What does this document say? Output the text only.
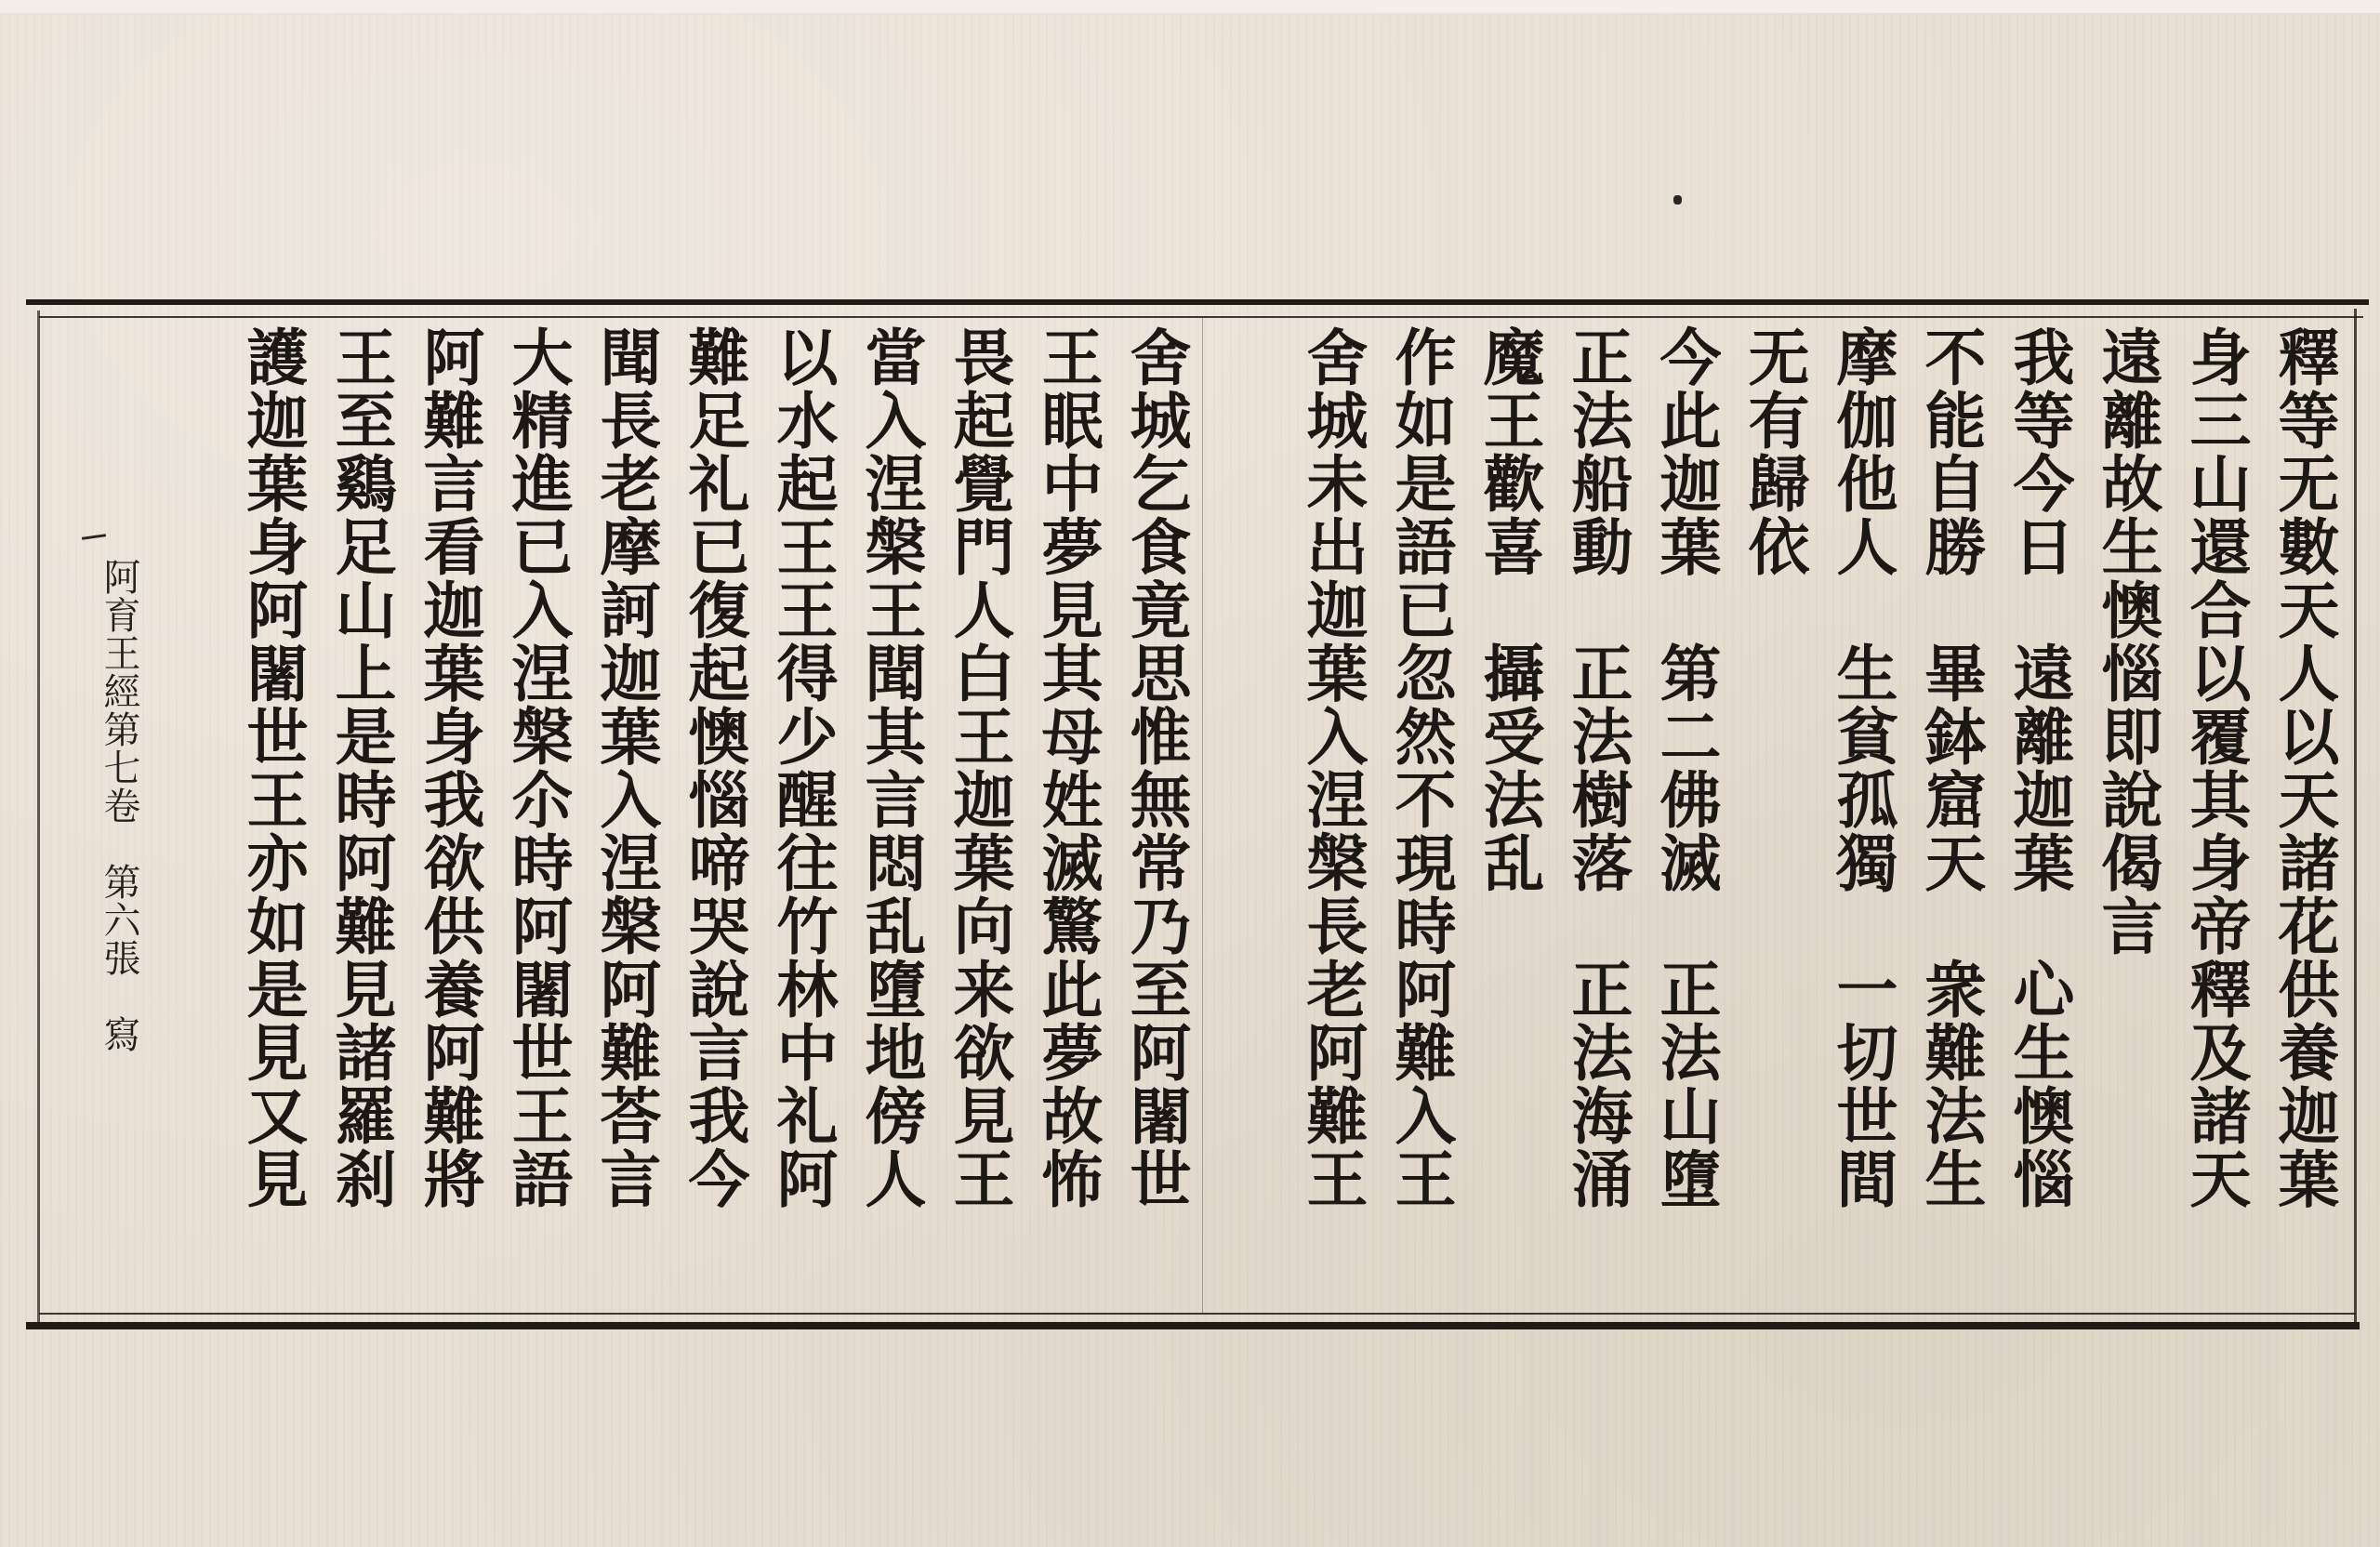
釋等无數天人以天諸花供養迦葉
身三山還合以覆其身帝釋及諸天
遠離故生懊惱即說偈言
我等今日　遠離迦葉　心生懊惱
不能自勝　畢鉢窟天　衆難法生
摩伽他人　生貧孤獨　一切世間
无有歸依
今此迦葉　第二佛滅　正法山墮
正法船動　正法樹落　正法海涌
魔王歡喜　攝受法乱
作如是語已忽然不現時阿難入王
舍城未出迦葉入涅槃長老阿難王
舍城乞食竟思惟無常乃至阿闍世
王眠中夢見其母姓滅驚此夢故怖
畏起覺門人白王迦葉向来欲見王
當入涅槃王聞其言悶乱墮地傍人
以水起王王得少醒往竹林中礼阿
難足礼已復起懊惱啼哭說言我今
聞長老摩訶迦葉入涅槃阿難荅言
大精進已入涅槃尒時阿闍世王語
阿難言看迦葉身我欲供養阿難將
王至鷄足山上是時阿難見諸羅刹
護迦葉身阿闍世王亦如是見又見
阿育王經第七卷　第六張　寫
